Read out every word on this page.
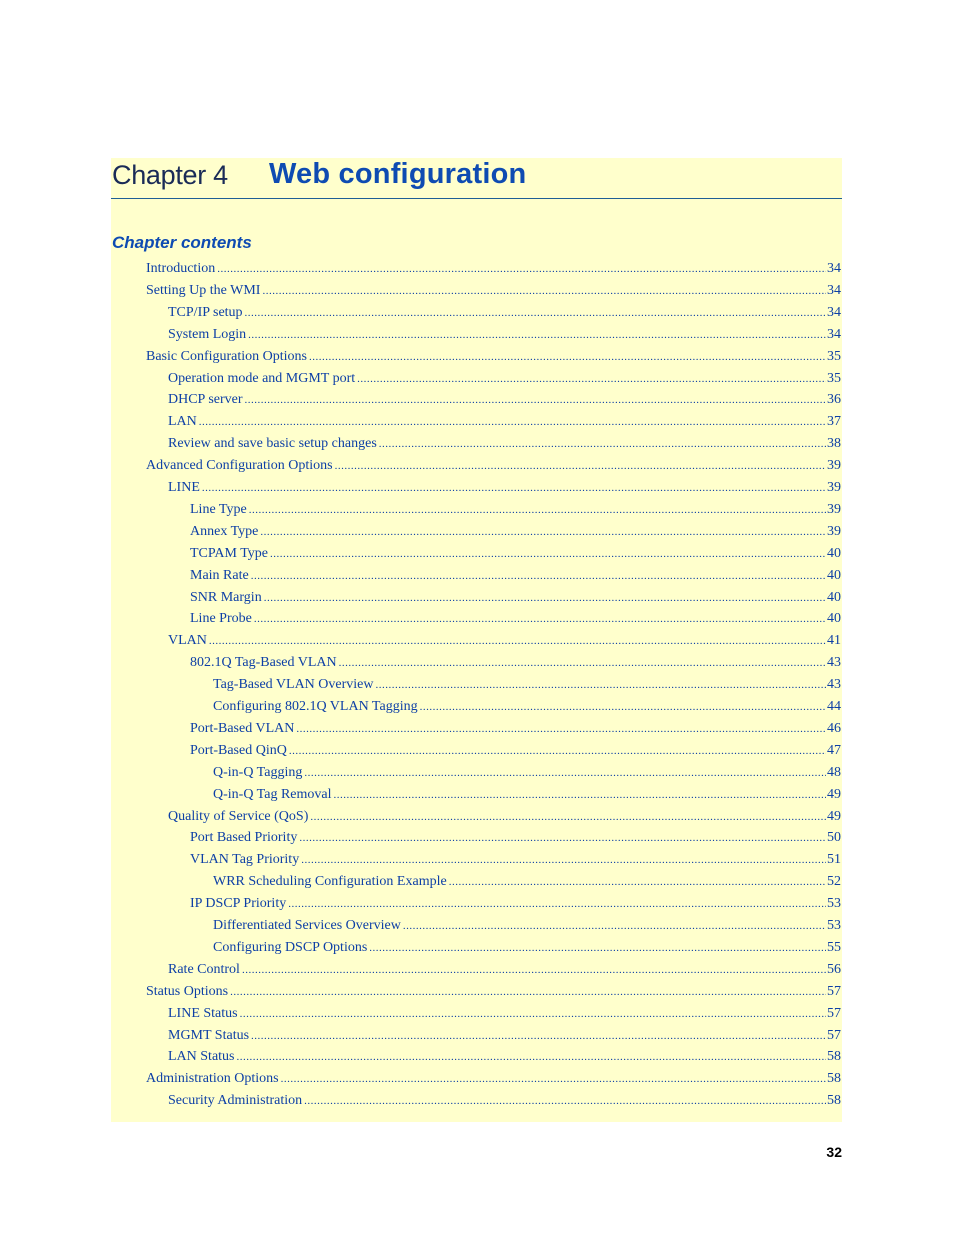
Chapter 4 Web configuration
Chapter contents
Introduction .....	34
Setting Up the WMI .....	34
TCP/IP setup .....	34
System Login .....	34
Basic Configuration Options .....	35
Operation mode and MGMT port .....	35
DHCP server .....	36
LAN .....	37
Review and save basic setup changes .....	38
Advanced Configuration Options .....	39
LINE .....	39
Line Type .....	39
Annex Type .....	39
TCPAM Type .....	40
Main Rate .....	40
SNR Margin .....	40
Line Probe .....	40
VLAN .....	41
802.1Q Tag-Based VLAN .....	43
Tag-Based VLAN Overview .....	43
Configuring 802.1Q VLAN Tagging .....	44
Port-Based VLAN .....	46
Port-Based QinQ .....	47
Q-in-Q Tagging .....	48
Q-in-Q Tag Removal .....	49
Quality of Service (QoS) .....	49
Port Based Priority .....	50
VLAN Tag Priority .....	51
WRR Scheduling Configuration Example .....	52
IP DSCP Priority .....	53
Differentiated Services Overview .....	53
Configuring DSCP Options .....	55
Rate Control .....	56
Status Options .....	57
LINE Status .....	57
MGMT Status .....	57
LAN Status .....	58
Administration Options .....	58
Security Administration .....	58
32
